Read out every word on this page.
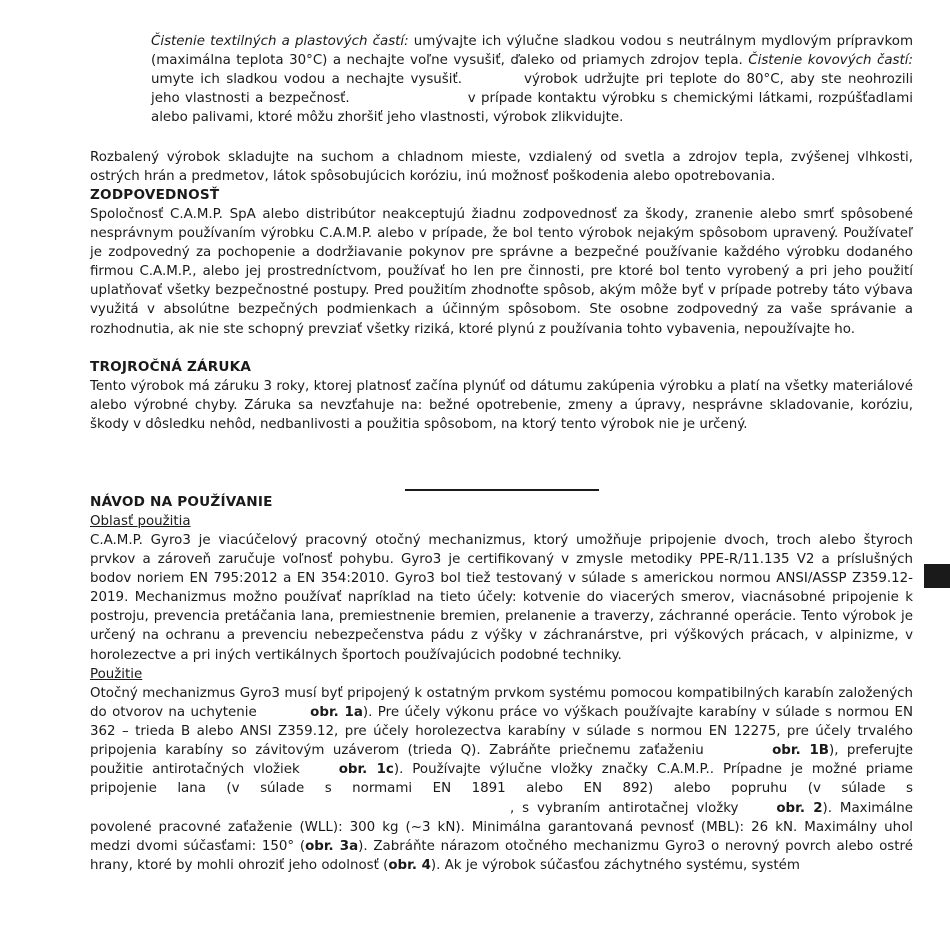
Čistenie textilných a plastových častí: umývajte ich výlučne sladkou vodou s neutrálnym mydlovým prípravkom (maximálna teplota 30°C) a nechajte voľne vysušiť, ďaleko od priamych zdrojov tepla. Čistenie kovových častí: umyte ich sladkou vodou a nechajte vysušiť.	výrobok udržujte pri teplote do 80°C, aby ste neohrozili jeho vlastnosti a bezpečnosť.	v prípade kontaktu výrobku s chemickými látkami, rozpúšťadlami alebo palivami, ktoré môžu zhoršiť jeho vlastnosti, výrobok zlikvidujte.

Rozbalený výrobok skladujte na suchom a chladnom mieste, vzdialený od svetla a zdrojov tepla, zvýšenej vlhkosti, ostrých hrán a predmetov, látok spôsobujúcich koróziu, inú možnosť poškodenia alebo opotrebovania.

ZODPOVEDNOSŤ

Spoločnosť C.A.M.P. SpA alebo distribútor neakceptujú žiadnu zodpovednosť za škody, zranenie alebo smrť spôsobené nesprávnym používaním výrobku C.A.M.P. alebo v prípade, že bol tento výrobok nejakým spôsobom upravený. Používateľ je zodpovedný za pochopenie a dodržiavanie pokynov pre správne a bezpečné používanie každého výrobku dodaného firmou C.A.M.P., alebo jej prostredníctvom, používať ho len pre činnosti, pre ktoré bol tento vyrobený a pri jeho použití uplatňovať všetky bezpečnostné postupy. Pred použitím zhodnoťte spôsob, akým môže byť v prípade potreby táto výbava využitá v absolútne bezpečných podmienkach a účinným spôsobom. Ste osobne zodpovedný za vaše správanie a rozhodnutia, ak nie ste schopný prevziať všetky riziká, ktoré plynú z používania tohto vybavenia, nepoužívajte ho.

TROJROČNÁ ZÁRUKA

Tento výrobok má záruku 3 roky, ktorej platnosť začína plynúť od dátumu zakúpenia výrobku a platí na všetky materiálové alebo výrobné chyby. Záruka sa nevzťahuje na: bežné opotrebenie, zmeny a úpravy, nesprávne skladovanie, koróziu, škody v dôsledku nehôd, nedbanlivosti a použitia spôsobom, na ktorý tento výrobok nie je určený.

NÁVOD NA POUŽÍVANIE

Oblasť použitia

C.A.M.P. Gyro3 je viacúčelový pracovný otočný mechanizmus, ktorý umožňuje pripojenie dvoch, troch alebo štyroch prvkov a zároveň zaručuje voľnosť pohybu. Gyro3 je certifikovaný v zmysle metodiky PPE-R/11.135 V2 a príslušných bodov noriem EN 795:2012 a EN 354:2010. Gyro3 bol tiež testovaný v súlade s americkou normou ANSI/ASSP Z359.12-2019. Mechanizmus možno používať napríklad na tieto účely: kotvenie do viacerých smerov, viacnásobné pripojenie k postroju, prevencia pretáčania lana, premiestnenie bremien, prelanenie a traverzy, záchranné operácie. Tento výrobok je určený na ochranu a prevenciu nebezpečenstva pádu z výšky v záchranárstve, pri výškových prácach, v alpinizme, v horolezectve a pri iných vertikálnych športoch používajúcich podobné techniky.

Použitie

Otočný mechanizmus Gyro3 musí byť pripojený k ostatným prvkom systému pomocou kompatibilných karabín založených do otvorov na uchytenie	obr. 1a). Pre účely výkonu práce vo výškach používajte karabíny v súlade s normou EN 362 – trieda B alebo ANSI Z359.12, pre účely horolezectva karabíny v súlade s normou EN 12275, pre účely trvalého pripojenia karabíny so závitovým uzáverom (trieda Q). Zabráňte priečnemu zaťaženiu	obr. 1B), preferujte použitie antirotačných vložiek obr. 1c). Používajte výlučne vložky značky C.A.M.P.. Prípadne je možné priame pripojenie lana (v súlade s normami EN 1891 alebo EN 892) alebo popruhu (v súlade s , s vybraním antirotačnej vložky obr. 2). Maximálne povolené pracovné zaťaženie (WLL): 300 kg (~3 kN). Minimálna garantovaná pevnosť (MBL): 26 kN. Maximálny uhol medzi dvomi súčasťami: 150° (obr. 3a). Zabráňte nárazom otočného mechanizmu Gyro3 o nerovný povrch alebo ostré hrany, ktoré by mohli ohroziť jeho odolnosť (obr. 4). Ak je výrobok súčasťou záchytného systému, systém
